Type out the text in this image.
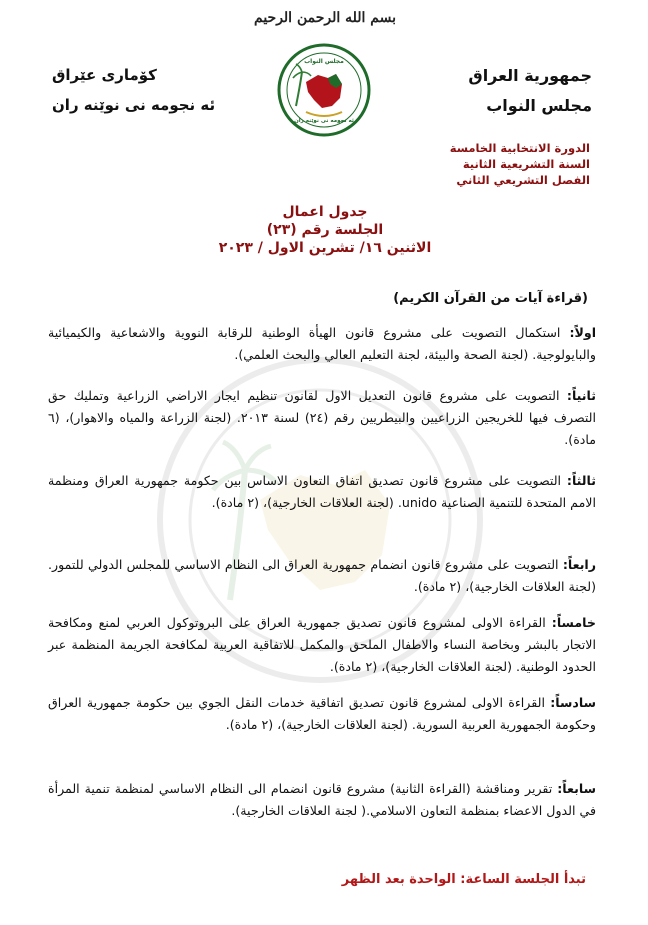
بسم الله الرحمن الرحيم
جمهورية العراق
مجلس النواب
كۆماری عێراق
ئه نجومه نی نوێنه ران
مجلس النواب
ئه نجومه نی نوێنه ران
الدورة الانتخابية الخامسة
السنة التشريعية الثانية
الفصل التشريعي الثاني
جدول اعمال
الجلسة رقم (٢٣)
الاثنين ١٦/ تشرين الاول / ٢٠٢٣
(قراءة آيات من القرآن الكريم)
اولاً: استكمال التصويت على مشروع قانون الهيأة الوطنية للرقابة النووية والاشعاعية والكيميائية والبايولوجية. (لجنة الصحة والبيئة، لجنة التعليم العالي والبحث العلمي).
ثانياً: التصويت على مشروع قانون التعديل الاول لقانون تنظيم ايجار الاراضي الزراعية وتمليك حق التصرف فيها للخريجين الزراعيين والبيطريين رقم (٢٤) لسنة ٢٠١٣. (لجنة الزراعة والمياه والاهوار)، (٦ مادة).
ثالثاً: التصويت على مشروع قانون تصديق اتفاق التعاون الاساس بين حكومة جمهورية العراق ومنظمة الامم المتحدة للتنمية الصناعية unido. (لجنة العلاقات الخارجية)، (٢ مادة).
رابعاً: التصويت على مشروع قانون انضمام جمهورية العراق الى النظام الاساسي للمجلس الدولي للتمور. (لجنة العلاقات الخارجية)، (٢ مادة).
خامساً: القراءة الاولى لمشروع قانون تصديق جمهورية العراق على البروتوكول العربي لمنع ومكافحة الاتجار بالبشر وبخاصة النساء والاطفال الملحق والمكمل للاتفاقية العربية لمكافحة الجريمة المنظمة عبر الحدود الوطنية. (لجنة العلاقات الخارجية)، (٢ مادة).
سادساً: القراءة الاولى لمشروع قانون تصديق اتفاقية خدمات النقل الجوي بين حكومة جمهورية العراق وحكومة الجمهورية العربية السورية. (لجنة العلاقات الخارجية)، (٢ مادة).
سابعاً: تقرير ومناقشة (القراءة الثانية) مشروع قانون انضمام الى النظام الاساسي لمنظمة تنمية المرأة في الدول الاعضاء بمنظمة التعاون الاسلامي.( لجنة العلاقات الخارجية).
تبدأ الجلسة الساعة: الواحدة بعد الظهر
